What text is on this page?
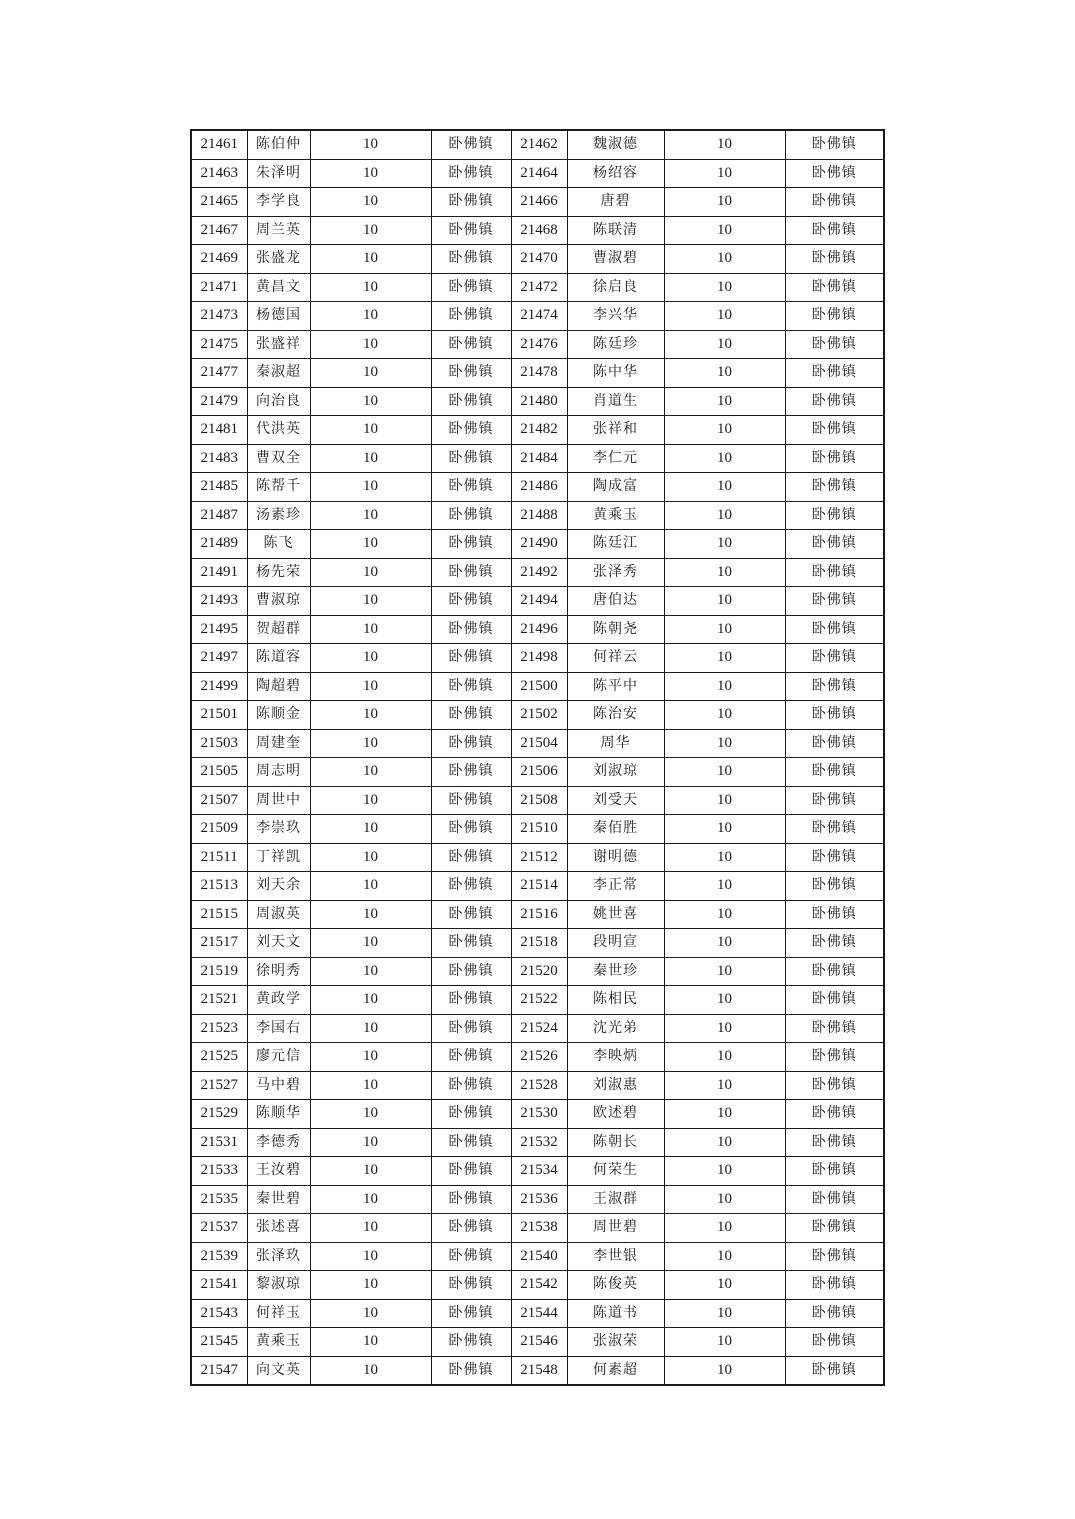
21461	陈伯仲	10	卧佛镇	21462	魏淑德	10	卧佛镇
21463	朱泽明	10	卧佛镇	21464	杨绍容	10	卧佛镇
21465	李学良	10	卧佛镇	21466	唐碧	10	卧佛镇
21467	周兰英	10	卧佛镇	21468	陈联清	10	卧佛镇
21469	张盛龙	10	卧佛镇	21470	曹淑碧	10	卧佛镇
21471	黄昌文	10	卧佛镇	21472	徐启良	10	卧佛镇
21473	杨德国	10	卧佛镇	21474	李兴华	10	卧佛镇
21475	张盛祥	10	卧佛镇	21476	陈廷珍	10	卧佛镇
21477	秦淑超	10	卧佛镇	21478	陈中华	10	卧佛镇
21479	向治良	10	卧佛镇	21480	肖道生	10	卧佛镇
21481	代洪英	10	卧佛镇	21482	张祥和	10	卧佛镇
21483	曹双全	10	卧佛镇	21484	李仁元	10	卧佛镇
21485	陈帮千	10	卧佛镇	21486	陶成富	10	卧佛镇
21487	汤素珍	10	卧佛镇	21488	黄乘玉	10	卧佛镇
21489	陈飞	10	卧佛镇	21490	陈廷江	10	卧佛镇
21491	杨先荣	10	卧佛镇	21492	张泽秀	10	卧佛镇
21493	曹淑琼	10	卧佛镇	21494	唐伯达	10	卧佛镇
21495	贺超群	10	卧佛镇	21496	陈朝尧	10	卧佛镇
21497	陈道容	10	卧佛镇	21498	何祥云	10	卧佛镇
21499	陶超碧	10	卧佛镇	21500	陈平中	10	卧佛镇
21501	陈顺金	10	卧佛镇	21502	陈治安	10	卧佛镇
21503	周建奎	10	卧佛镇	21504	周华	10	卧佛镇
21505	周志明	10	卧佛镇	21506	刘淑琼	10	卧佛镇
21507	周世中	10	卧佛镇	21508	刘受天	10	卧佛镇
21509	李崇玖	10	卧佛镇	21510	秦佰胜	10	卧佛镇
21511	丁祥凯	10	卧佛镇	21512	谢明德	10	卧佛镇
21513	刘天余	10	卧佛镇	21514	李正常	10	卧佛镇
21515	周淑英	10	卧佛镇	21516	姚世喜	10	卧佛镇
21517	刘天文	10	卧佛镇	21518	段明宣	10	卧佛镇
21519	徐明秀	10	卧佛镇	21520	秦世珍	10	卧佛镇
21521	黄政学	10	卧佛镇	21522	陈相民	10	卧佛镇
21523	李国右	10	卧佛镇	21524	沈光弟	10	卧佛镇
21525	廖元信	10	卧佛镇	21526	李映炳	10	卧佛镇
21527	马中碧	10	卧佛镇	21528	刘淑惠	10	卧佛镇
21529	陈顺华	10	卧佛镇	21530	欧述碧	10	卧佛镇
21531	李德秀	10	卧佛镇	21532	陈朝长	10	卧佛镇
21533	王汝碧	10	卧佛镇	21534	何荣生	10	卧佛镇
21535	秦世碧	10	卧佛镇	21536	王淑群	10	卧佛镇
21537	张述喜	10	卧佛镇	21538	周世碧	10	卧佛镇
21539	张泽玖	10	卧佛镇	21540	李世银	10	卧佛镇
21541	黎淑琼	10	卧佛镇	21542	陈俊英	10	卧佛镇
21543	何祥玉	10	卧佛镇	21544	陈道书	10	卧佛镇
21545	黄乘玉	10	卧佛镇	21546	张淑荣	10	卧佛镇
21547	向文英	10	卧佛镇	21548	何素超	10	卧佛镇
